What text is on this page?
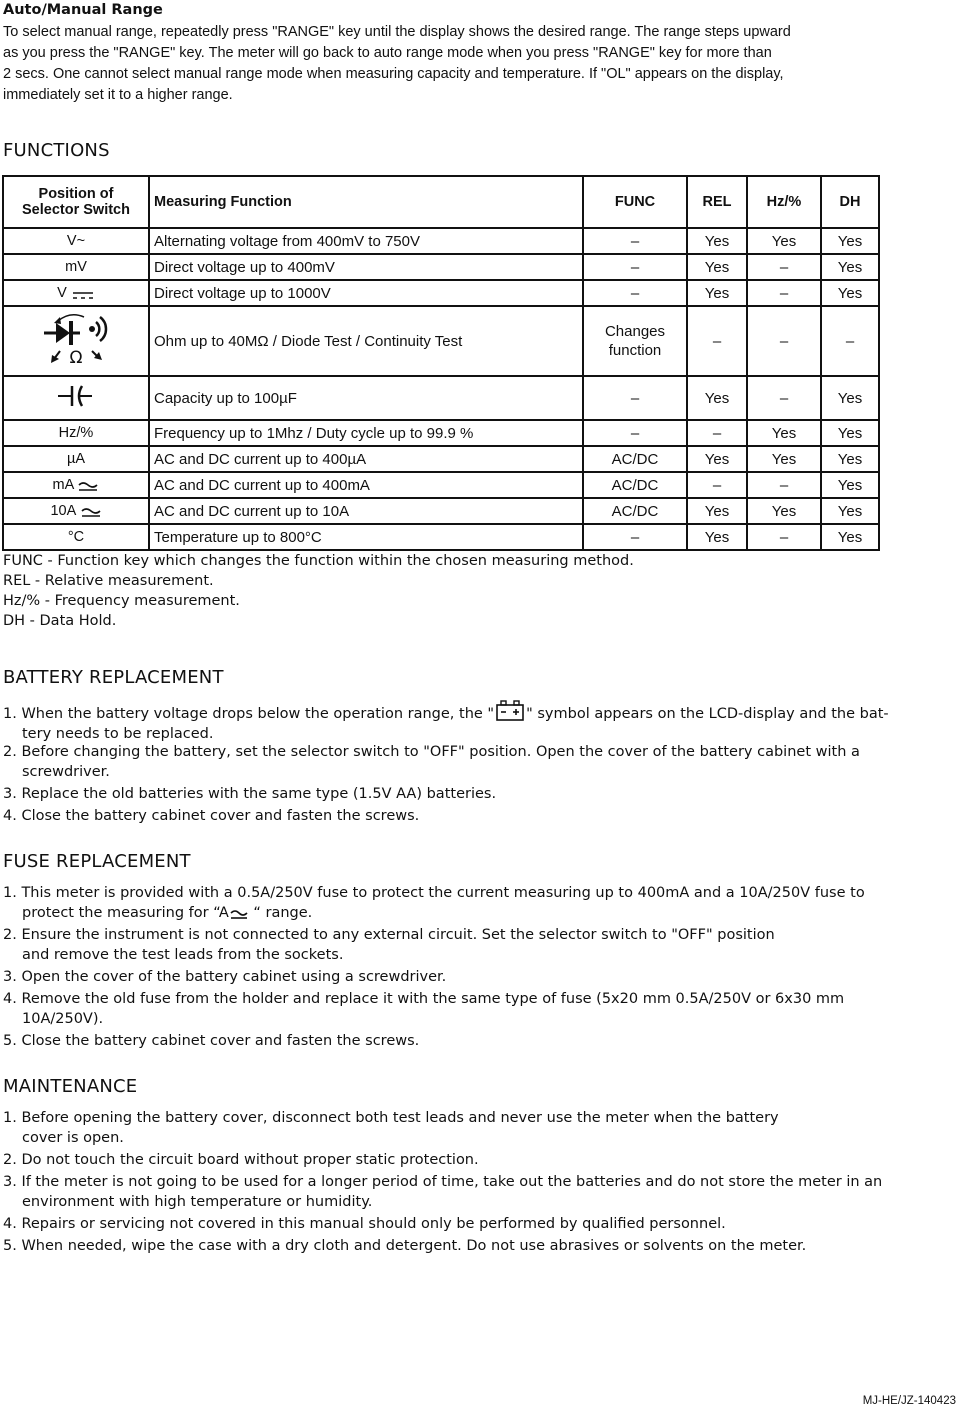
Auto/Manual Range
To select manual range, repeatedly press "RANGE" key until the display shows the desired range. The range steps upward
as you press the "RANGE" key. The meter will go back to auto range mode when you press "RANGE" key for more than
2 secs. One cannot select manual range mode when measuring capacity and temperature. If "OL" appears on the display,
immediately set it to a higher range.
FUNCTIONS
Position of
Selector Switch	Measuring Function	FUNC	REL	Hz/%	DH
V~	Alternating voltage from 400mV to 750V	–	Yes	Yes	Yes
mV	Direct voltage up to 400mV	–	Yes	–	Yes
V	Direct voltage up to 1000V	–	Yes	–	Yes

Ω	Ohm up to 40MΩ / Diode Test / Continuity Test	Changes function	–	–	–
	Capacity up to 100µF	–	Yes	–	Yes
Hz/%	Frequency up to 1Mhz / Duty cycle up to 99.9 %	–	–	Yes	Yes
µA	AC and DC current up to 400µA	AC/DC	Yes	Yes	Yes
mA	AC and DC current up to 400mA	AC/DC	–	–	Yes
10A	AC and DC current up to 10A	AC/DC	Yes	Yes	Yes
°C	Temperature up to 800°C	–	Yes	–	Yes
FUNC - Function key which changes the function within the chosen measuring method.
REL - Relative measurement.
Hz/% - Frequency measurement.
DH - Data Hold.
BATTERY REPLACEMENT
1. When the battery voltage drops below the operation range, the " " symbol appears on the LCD-display and the bat-
tery needs to be replaced.
2. Before changing the battery, set the selector switch to "OFF" position. Open the cover of the battery cabinet with a
screwdriver.
3. Replace the old batteries with the same type (1.5V AA) batteries.
4. Close the battery cabinet cover and fasten the screws.
FUSE REPLACEMENT
1. This meter is provided with a 0.5A/250V fuse to protect the current measuring up to 400mA and a 10A/250V fuse to
protect the measuring for “A “ range.
2. Ensure the instrument is not connected to any external circuit. Set the selector switch to "OFF" position
and remove the test leads from the sockets.
3. Open the cover of the battery cabinet using a screwdriver.
4. Remove the old fuse from the holder and replace it with the same type of fuse (5x20 mm 0.5A/250V or 6x30 mm
10A/250V).
5. Close the battery cabinet cover and fasten the screws.
MAINTENANCE
1. Before opening the battery cover, disconnect both test leads and never use the meter when the battery
cover is open.
2. Do not touch the circuit board without proper static protection.
3. If the meter is not going to be used for a longer period of time, take out the batteries and do not store the meter in an
environment with high temperature or humidity.
4. Repairs or servicing not covered in this manual should only be performed by qualified personnel.
5. When needed, wipe the case with a dry cloth and detergent. Do not use abrasives or solvents on the meter.
MJ-HE/JZ-140423
